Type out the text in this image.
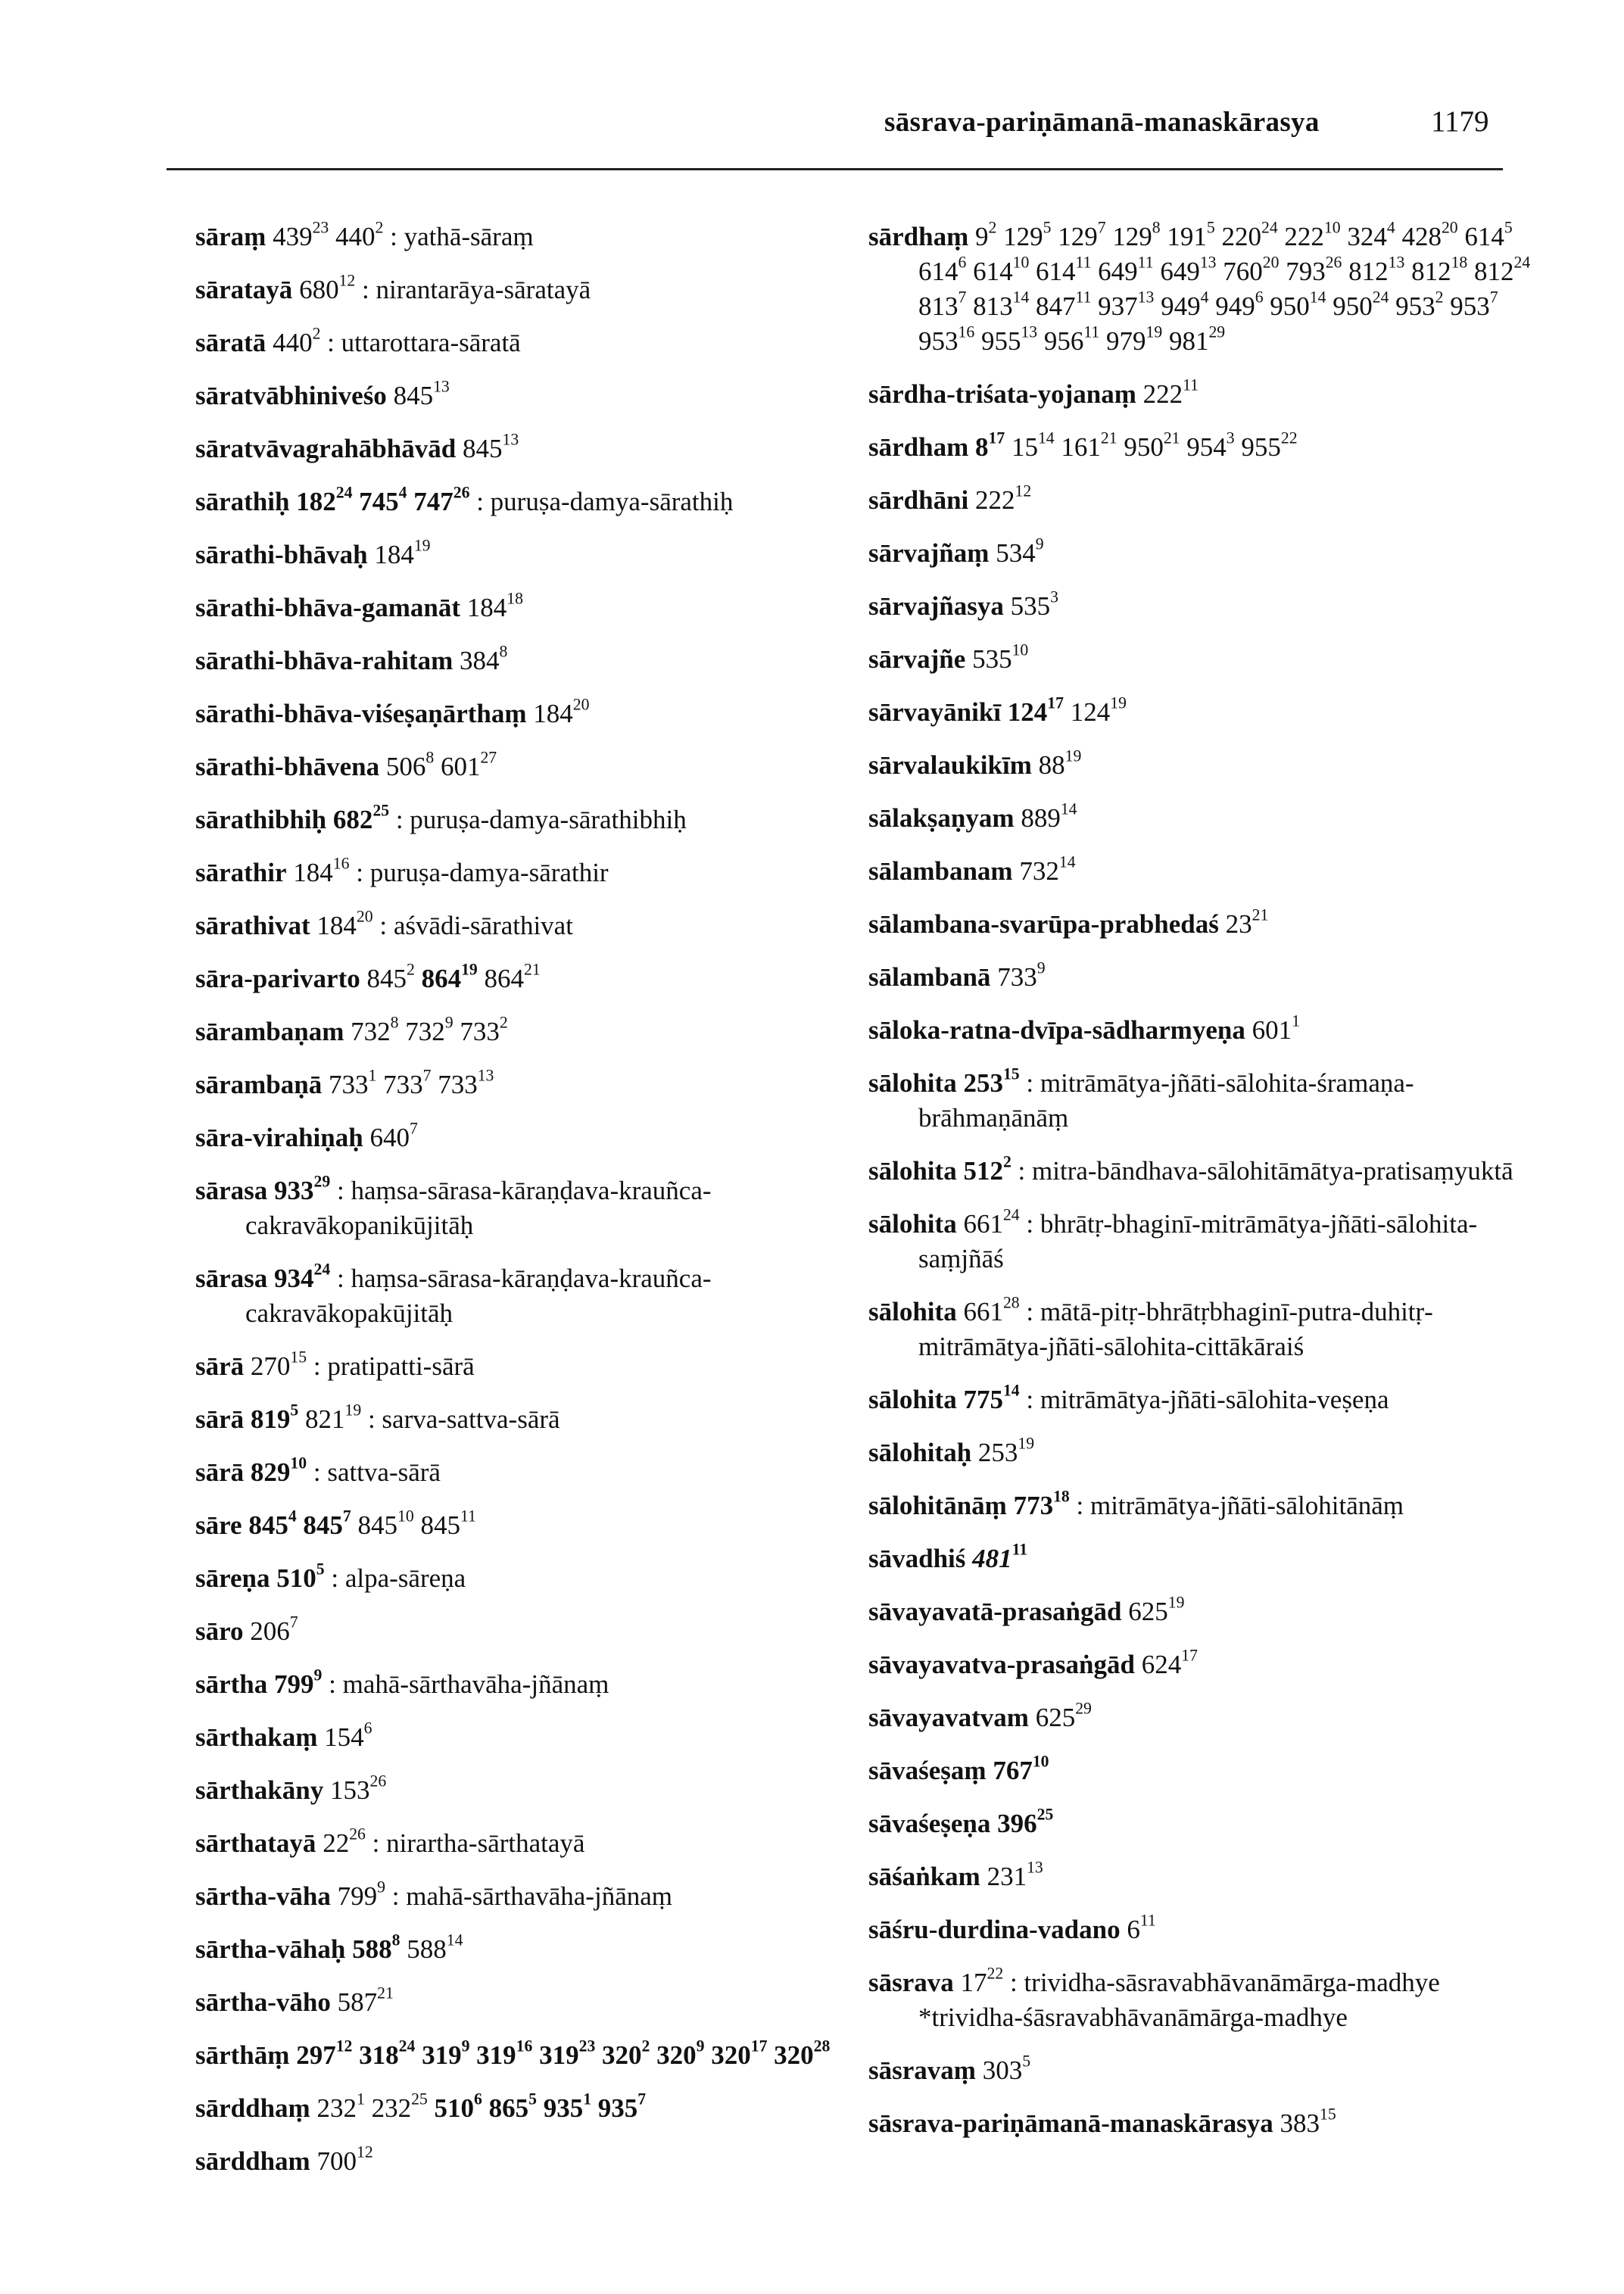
sāsrava-pariṇāmanā-manaskārasya	1179
sāraṃ $439^{23}$ $440^2$ : yathā-sāraṃ
sāratayā $680^{12}$ : nirantarāya-sāratayā
sāratā $440^2$ : uttarottara-sāratā
sāratvābhiniveśo $845^{13}$
sāratvāvagrahābhāvād $845^{13}$
sārathiḥ $182^{24}$ $745^4$ $747^{26}$ : puruṣa-damya-sārathiḥ
sārathi-bhāvaḥ $184^{19}$
sārathi-bhāva-gamanāt $184^{18}$
sārathi-bhāva-rahitam $384^8$
sārathi-bhāva-viśeṣaṇārthaṃ $184^{20}$
sārathi-bhāvena $506^8$ $601^{27}$
sārathibhiḥ $682^{25}$ : puruṣa-damya-sārathibhiḥ
sārathir $184^{16}$ : puruṣa-damya-sārathir
sārathivat $184^{20}$ : aśvādi-sārathivat
sāra-parivarto $845^2$ $864^{19}$ $864^{21}$
sārambaṇam $732^8$ $732^9$ $733^2$
sārambaṇā $733^1$ $733^7$ $733^{13}$
sāra-virahiṇaḥ $640^7$
sārasa $933^{29}$ : haṃsa-sārasa-kāraṇḍava-krauñca-cakravākopanikūjitāḥ
sārasa $934^{24}$ : haṃsa-sārasa-kāraṇḍava-krauñca-cakravākopakūjitāḥ
sārā $270^{15}$ : pratipatti-sārā
sārā $819^5$ $821^{19}$ : sarva-sattva-sārā
sārā $829^{10}$ : sattva-sārā
sāre $845^4$ $845^7$ $845^{10}$ $845^{11}$
sāreṇa $510^5$ : alpa-sāreṇa
sāro $206^7$
sārtha $799^9$ : mahā-sārthavāha-jñānaṃ
sārthakaṃ $154^6$
sārthakāny $153^{26}$
sārthatayā $22^{26}$ : nirartha-sārthatayā
sārtha-vāha $799^9$ : mahā-sārthavāha-jñānaṃ
sārtha-vāhaḥ $588^8$ $588^{14}$
sārtha-vāho $587^{21}$
sārthāṃ $297^{12}$ $318^{24}$ $319^9$ $319^{16}$ $319^{23}$ $320^2$ $320^9$ $320^{17}$ $320^{28}$
sārddhaṃ $232^1$ $232^{25}$ $510^6$ $865^5$ $935^1$ $935^7$
sārddham $700^{12}$
sārdhaṃ $9^2$ $129^5$ $129^7$ $129^8$ $191^5$ $220^{24}$ $222^{10}$ $324^4$ $428^{20}$ $614^5$ $614^6$ $614^{10}$ $614^{11}$ $649^{11}$ $649^{13}$ $760^{20}$ $793^{26}$ $812^{13}$ $812^{18}$ $812^{24}$ $813^7$ $813^{14}$ $847^{11}$ $937^{13}$ $949^4$ $949^6$ $950^{14}$ $950^{24}$ $953^2$ $953^7$ $953^{16}$ $955^{13}$ $956^{11}$ $979^{19}$ $981^{29}$
sārdha-triśata-yojanaṃ $222^{11}$
sārdham $8^{17}$ $15^{14}$ $161^{21}$ $950^{21}$ $954^3$ $955^{22}$
sārdhāni $222^{12}$
sārvajñaṃ $534^9$
sārvajñasya $535^3$
sārvajñe $535^{10}$
sārvayānikī $124^{17}$ $124^{19}$
sārvalaukikīm $88^{19}$
sālakṣaṇyam $889^{14}$
sālambanam $732^{14}$
sālambana-svarūpa-prabhedaś $23^{21}$
sālambanā $733^9$
sāloka-ratna-dvīpa-sādharmyeṇa $601^1$
sālohita $253^{15}$ : mitrāmātya-jñāti-sālohita-śramaṇa-brāhmaṇānāṃ
sālohita $512^2$ : mitra-bāndhava-sālohitāmātya-pratisaṃyuktā
sālohita $661^{24}$ : bhrātṛ-bhaginī-mitrāmātya-jñāti-sālohita-saṃjñāś
sālohita $661^{28}$ : mātā-pitṛ-bhrātṛbhaginī-putra-duhitṛ-mitrāmātya-jñāti-sālohita-cittākāraiś
sālohita $775^{14}$ : mitrāmātya-jñāti-sālohita-veṣeṇa
sālohitaḥ $253^{19}$
sālohitānāṃ $773^{18}$ : mitrāmātya-jñāti-sālohitānāṃ
sāvadhiś $481^{11}$
sāvayavatā-prasaṅgād $625^{19}$
sāvayavatva-prasaṅgād $624^{17}$
sāvayavatvam $625^{29}$
sāvaśeṣaṃ $767^{10}$
sāvaśeṣeṇa $396^{25}$
sāśaṅkam $231^{13}$
sāśru-durdina-vadano $6^{11}$
sāsrava $17^{22}$ : trividha-sāsravabhāvanāmārga-madhye *trividha-śāsravabhāvanāmārga-madhye
sāsravaṃ $303^5$
sāsrava-pariṇāmanā-manaskārasya $383^{15}$
